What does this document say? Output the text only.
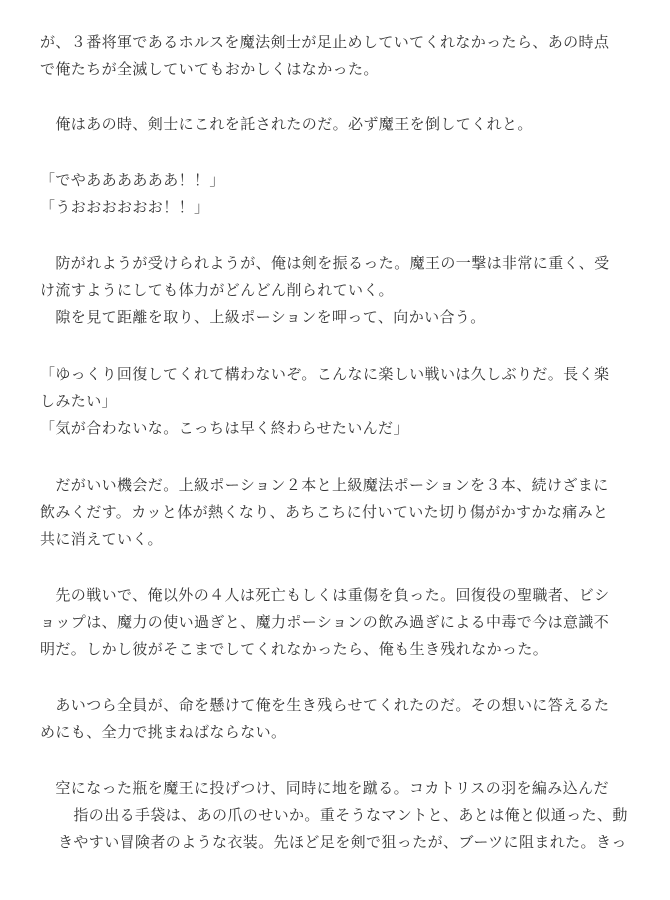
が、３番将軍であるホルスを魔法剣士が足止めしていてくれなかったら、あの時点
で俺たちが全滅していてもおかしくはなかった。
　俺はあの時、剣士にこれを託されたのだ。必ず魔王を倒してくれと。
「でやああああああ！！」
「うおおおおおお！！」
　防がれようが受けられようが、俺は剣を振るった。魔王の一撃は非常に重く、受
け流すようにしても体力がどんどん削られていく。
　隙を見て距離を取り、上級ポーションを呷って、向かい合う。
「ゆっくり回復してくれて構わないぞ。こんなに楽しい戦いは久しぶりだ。長く楽
しみたい」
「気が合わないな。こっちは早く終わらせたいんだ」
　だがいい機会だ。上級ポーション２本と上級魔法ポーションを３本、続けざまに
飲みくだす。カッと体が熱くなり、あちこちに付いていた切り傷がかすかな痛みと
共に消えていく。
　先の戦いで、俺以外の４人は死亡もしくは重傷を負った。回復役の聖職者、ビシ
ョップは、魔力の使い過ぎと、魔力ポーションの飲み過ぎによる中毒で今は意識不
明だ。しかし彼がそこまでしてくれなかったら、俺も生き残れなかった。
　あいつら全員が、命を懸けて俺を生き残らせてくれたのだ。その想いに答えるた
めにも、全力で挑まねばならない。
　空になった瓶を魔王に投げつけ、同時に地を蹴る。コカトリスの羽を編み込んだ
　指の出る手袋は、あの爪のせいか。重そうなマントと、あとは俺と似通った、動
きやすい冒険者のような衣装。先ほど足を剣で狙ったが、ブーツに阻まれた。きっ
